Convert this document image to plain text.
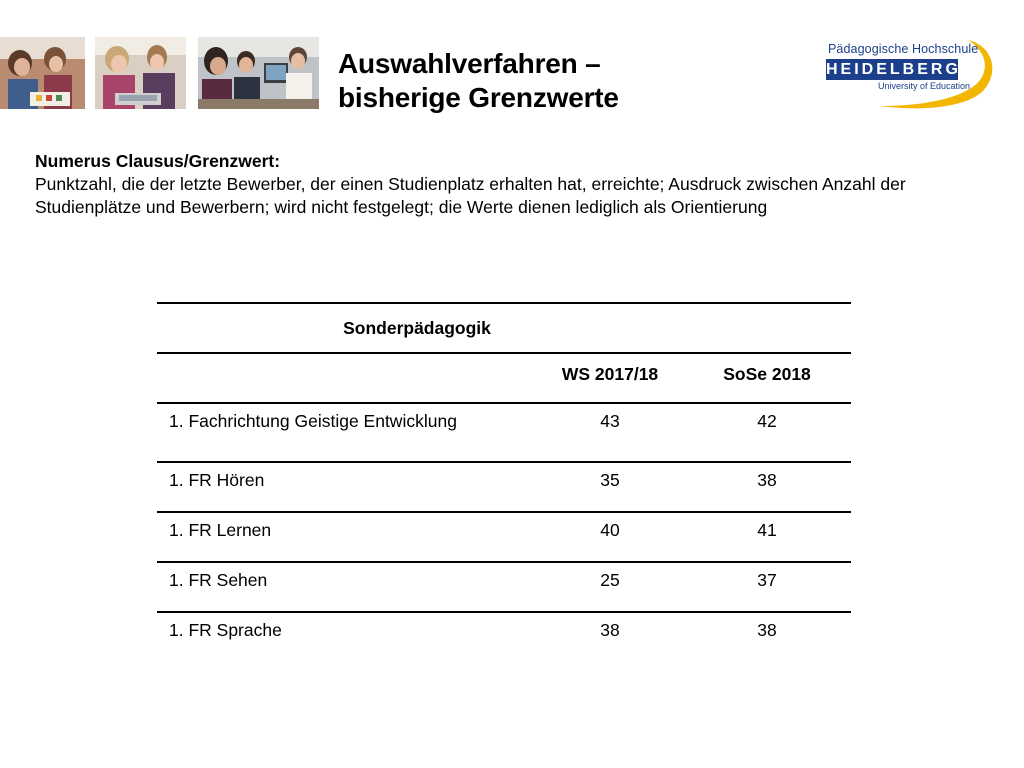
Auswahlverfahren –
bisherige Grenzwerte
Pädagogische Hochschule
HEIDELBERG
University of Education
Numerus Clausus/Grenzwert:
Punktzahl, die der letzte Bewerber, der einen Studienplatz erhalten hat, erreichte; Ausdruck zwischen Anzahl der Studienplätze und Bewerbern; wird nicht festgelegt; die Werte dienen lediglich als Orientierung
Sonderpädagogik
WS 2017/18	SoSe 2018
1. Fachrichtung Geistige Entwicklung	43	42
1. FR Hören	35	38
1. FR Lernen	40	41
1. FR Sehen	25	37
1. FR Sprache	38	38
